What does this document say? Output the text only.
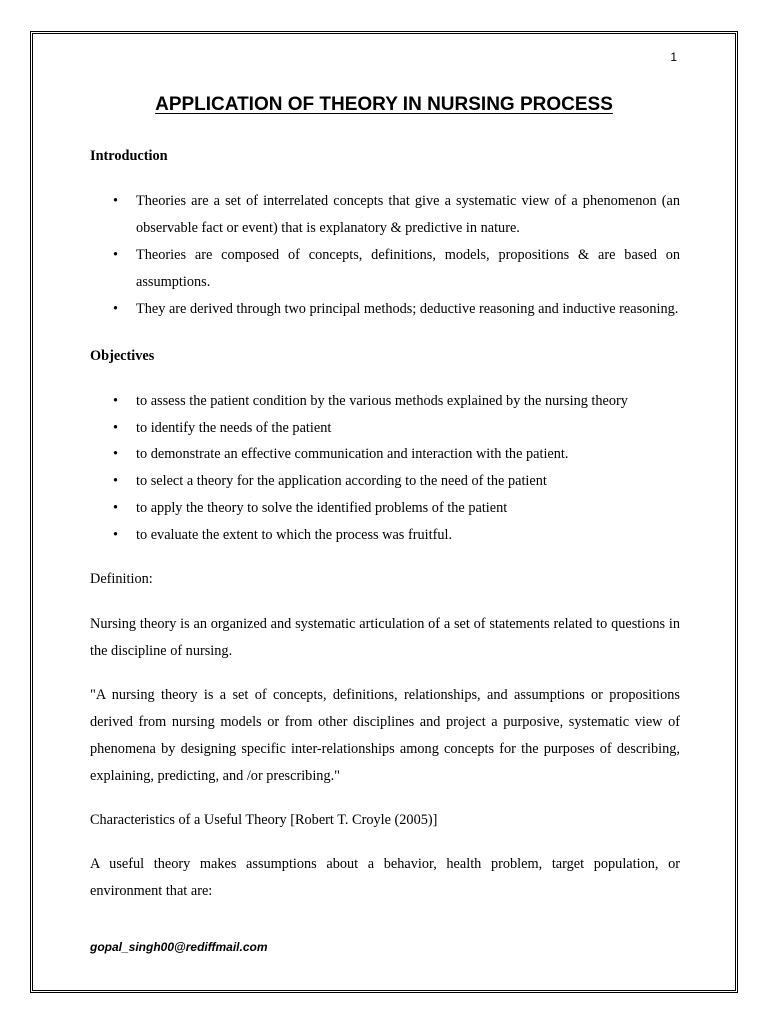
1
APPLICATION OF THEORY IN NURSING PROCESS
Introduction
• Theories are a set of interrelated concepts that give a systematic view of a phenomenon (an observable fact or event) that is explanatory & predictive in nature.
• Theories are composed of concepts, definitions, models, propositions & are based on assumptions.
• They are derived through two principal methods; deductive reasoning and inductive reasoning.
Objectives
• to assess the patient condition by the various methods explained by the nursing theory
• to identify the needs of the patient
• to demonstrate an effective communication and interaction with the patient.
• to select a theory for the application according to the need of the patient
• to apply the theory to solve the identified problems of the patient
• to evaluate the extent to which the process was fruitful.

Definition:

Nursing theory is an organized and systematic articulation of a set of statements related to questions in the discipline of nursing.

"A nursing theory is a set of concepts, definitions, relationships, and assumptions or propositions derived from nursing models or from other disciplines and project a purposive, systematic view of phenomena by designing specific inter-relationships among concepts for the purposes of describing, explaining, predicting, and /or prescribing."

Characteristics of a Useful Theory [Robert T. Croyle (2005)]

A useful theory makes assumptions about a behavior, health problem, target population, or environment that are:

gopal_singh00@rediffmail.com
